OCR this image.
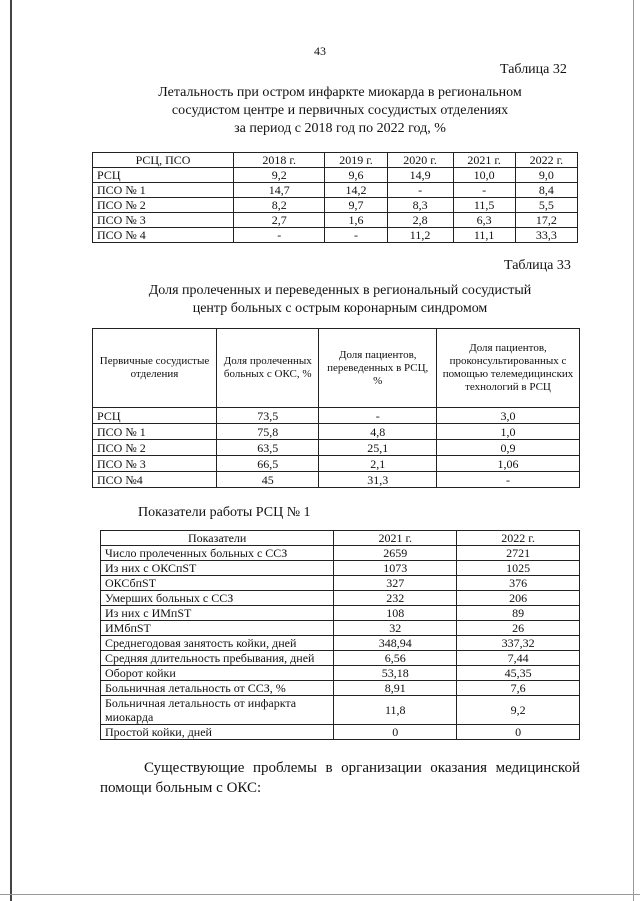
43
Таблица 32
Летальность при остром инфаркте миокарда в региональном
сосудистом центре и первичных сосудистых отделениях
за период с 2018 год по 2022 год, %
РСЦ, ПСО	2018 г.	2019 г.	2020 г.	2021 г.	2022 г.
РСЦ	9,2	9,6	14,9	10,0	9,0
ПСО № 1	14,7	14,2	-	-	8,4
ПСО № 2	8,2	9,7	8,3	11,5	5,5
ПСО № 3	2,7	1,6	2,8	6,3	17,2
ПСО № 4	-	-	11,2	11,1	33,3
Таблица 33
Доля пролеченных и переведенных в региональный сосудистый
центр больных с острым коронарным синдромом
Первичные сосудистые отделения	Доля пролеченных больных с ОКС, %	Доля пациентов, переведенных в РСЦ, %	Доля пациентов, проконсультированных с помощью телемедицинских технологий в РСЦ
РСЦ	73,5	-	3,0
ПСО № 1	75,8	4,8	1,0
ПСО № 2	63,5	25,1	0,9
ПСО № 3	66,5	2,1	1,06
ПСО №4	45	31,3	-
Показатели работы РСЦ № 1
Показатели	2021 г.	2022 г.
Число пролеченных больных с ССЗ	2659	2721
Из них с ОКСпST	1073	1025
ОКСбпST	327	376
Умерших больных с ССЗ	232	206
Из них с ИМпST	108	89
ИМбпST	32	26
Среднегодовая занятость койки, дней	348,94	337,32
Средняя длительность пребывания, дней	6,56	7,44
Оборот койки	53,18	45,35
Больничная летальность от ССЗ, %	8,91	7,6
Больничная летальность от инфаркта миокарда	11,8	9,2
Простой койки, дней	0	0
Существующие проблемы в организации оказания медицинской помощи больным с ОКС:
